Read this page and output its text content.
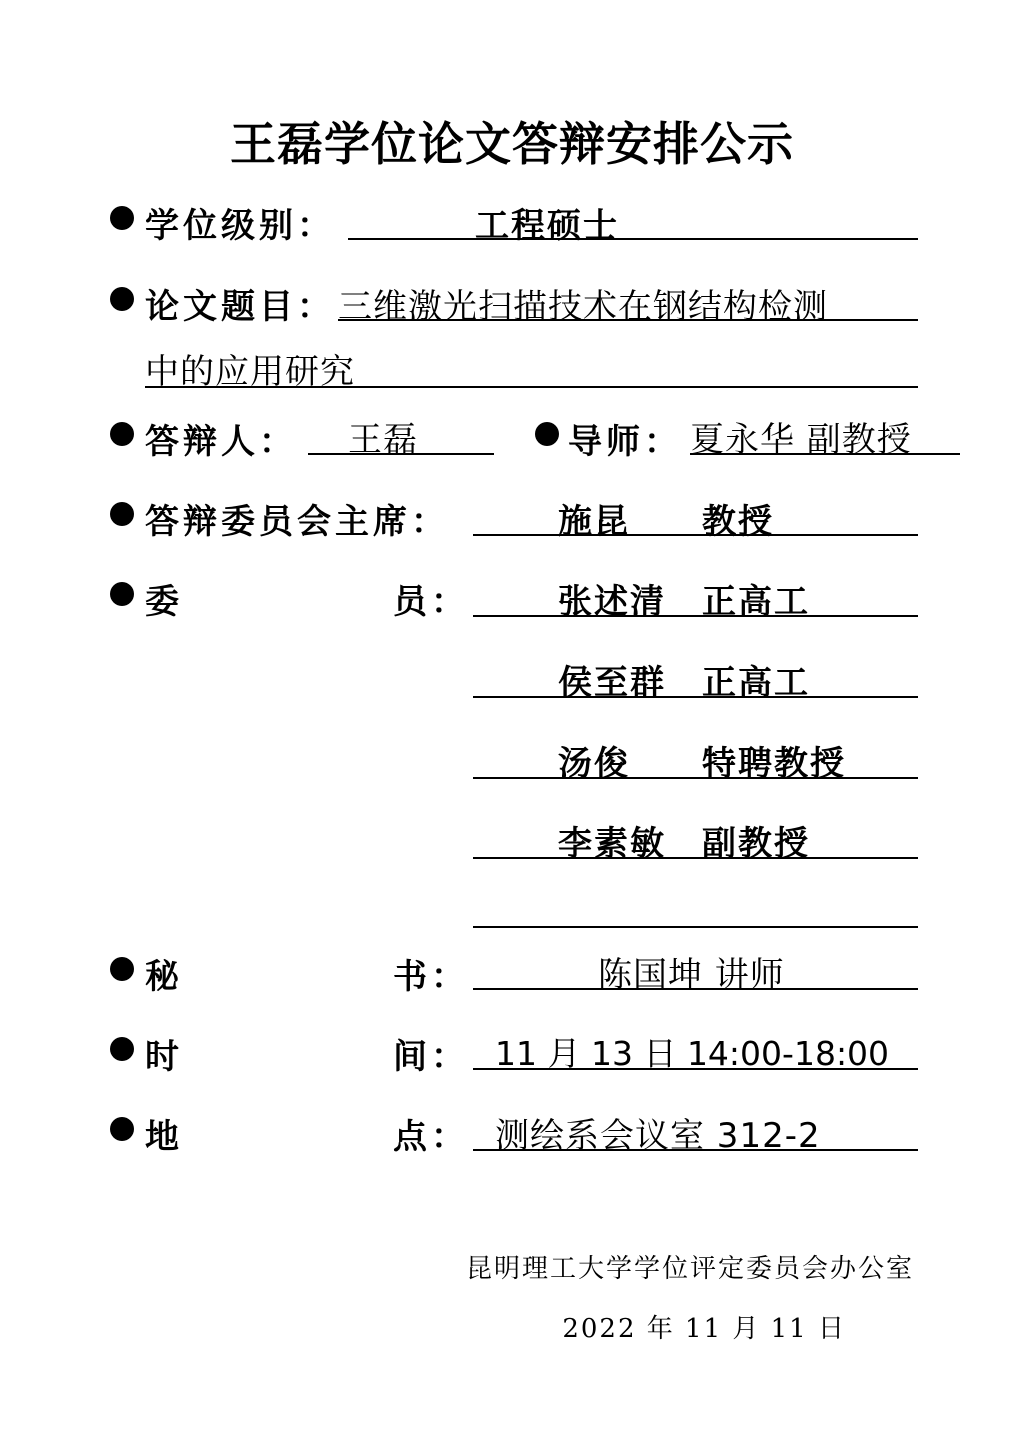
王磊学位论文答辩安排公示
学位级别：	工程硕士
论文题目： 三维激光扫描技术在钢结构检测
中的应用研究
答辩人： 王磊	导师： 夏永华 副教授
答辩委员会主席：	施昆 教授
委	员：	张述清 正高工
侯至群 正高工
汤俊 特聘教授
李素敏 副教授
秘	书：	陈国坤 讲师
时	间： 11 月 13 日 14:00-18:00
地	点： 测绘系会议室 312-2
昆明理工大学学位评定委员会办公室
2022 年 11 月 11 日
